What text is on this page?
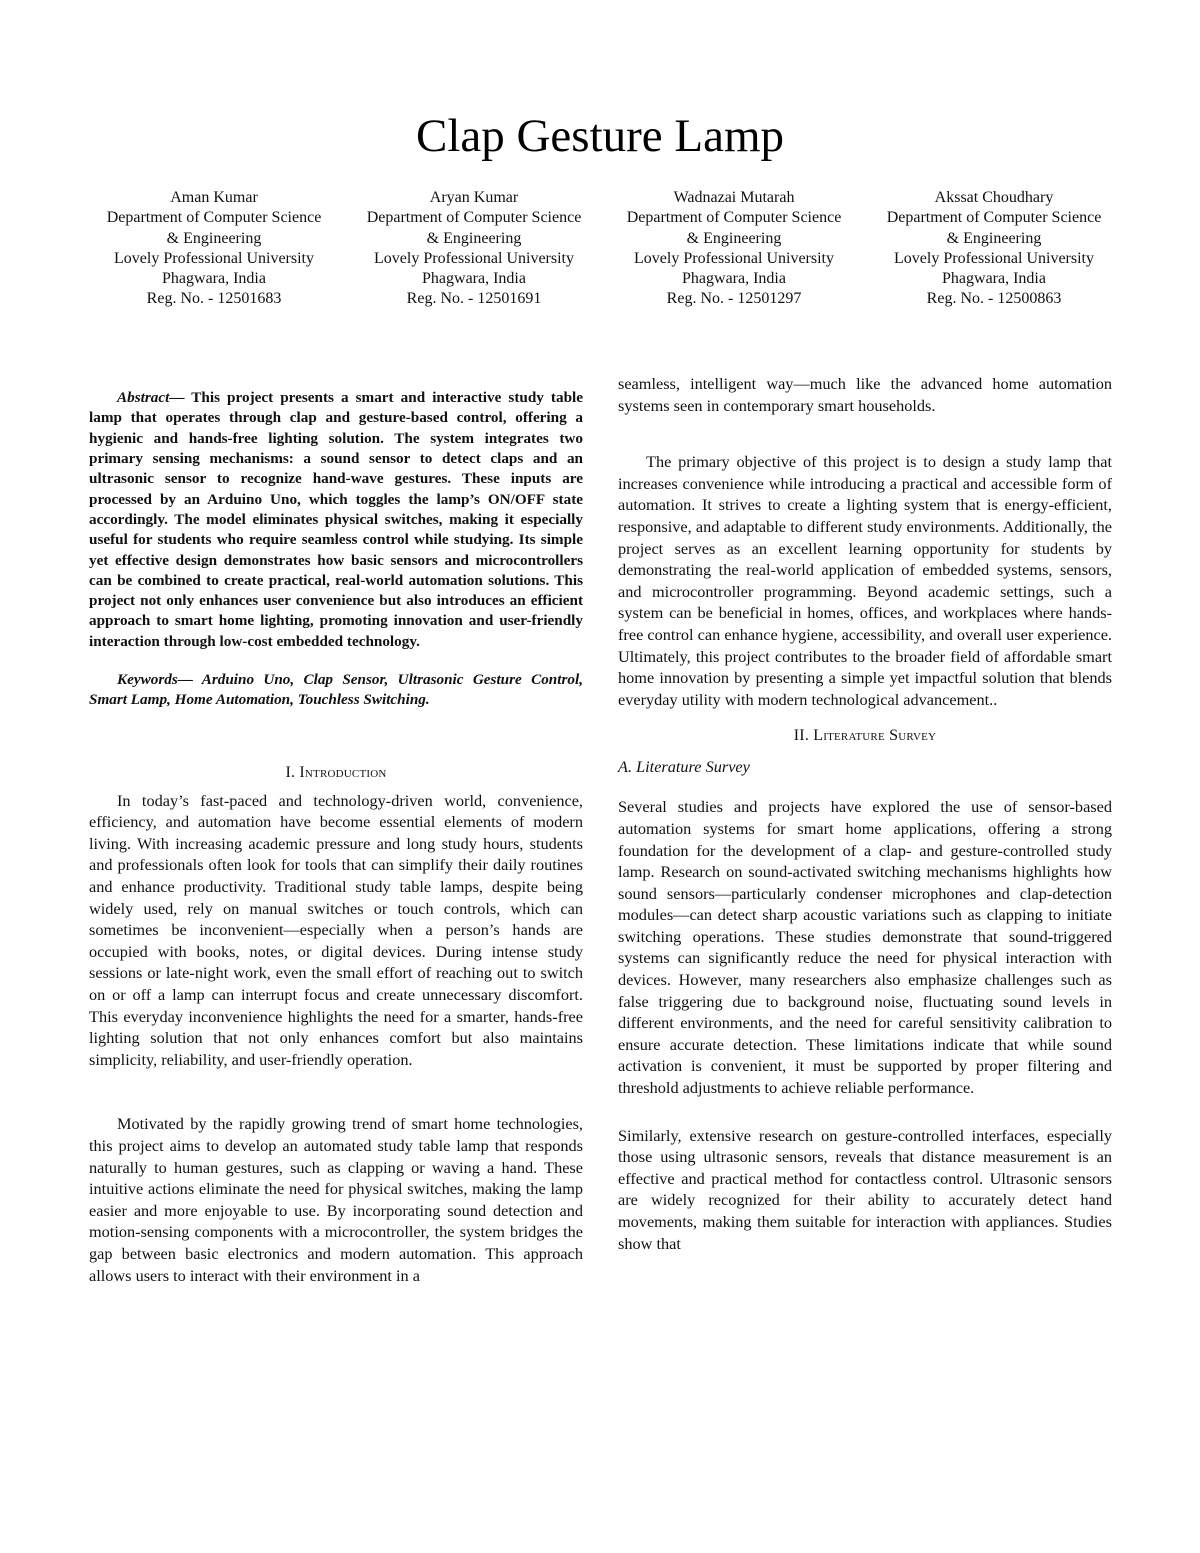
Clap Gesture Lamp
Aman Kumar
Department of Computer Science
& Engineering
Lovely Professional University
Phagwara, India
Reg. No. - 12501683
Aryan Kumar
Department of Computer Science
& Engineering
Lovely Professional University
Phagwara, India
Reg. No. - 12501691
Wadnazai Mutarah
Department of Computer Science
& Engineering
Lovely Professional University
Phagwara, India
Reg. No. - 12501297
Akssat Choudhary
Department of Computer Science
& Engineering
Lovely Professional University
Phagwara, India
Reg. No. - 12500863

Abstract— This project presents a smart and interactive study table lamp that operates through clap and gesture-based control, offering a hygienic and hands-free lighting solution. The system integrates two primary sensing mechanisms: a sound sensor to detect claps and an ultrasonic sensor to recognize hand-wave gestures. These inputs are processed by an Arduino Uno, which toggles the lamp’s ON/OFF state accordingly. The model eliminates physical switches, making it especially useful for students who require seamless control while studying. Its simple yet effective design demonstrates how basic sensors and microcontrollers can be combined to create practical, real-world automation solutions. This project not only enhances user convenience but also introduces an efficient approach to smart home lighting, promoting innovation and user-friendly interaction through low-cost embedded technology.

Keywords— Arduino Uno, Clap Sensor, Ultrasonic Gesture Control, Smart Lamp, Home Automation, Touchless Switching.

I. Introduction

In today’s fast-paced and technology-driven world, convenience, efficiency, and automation have become essential elements of modern living. With increasing academic pressure and long study hours, students and professionals often look for tools that can simplify their daily routines and enhance productivity. Traditional study table lamps, despite being widely used, rely on manual switches or touch controls, which can sometimes be inconvenient—especially when a person’s hands are occupied with books, notes, or digital devices. During intense study sessions or late-night work, even the small effort of reaching out to switch on or off a lamp can interrupt focus and create unnecessary discomfort. This everyday inconvenience highlights the need for a smarter, hands-free lighting solution that not only enhances comfort but also maintains simplicity, reliability, and user-friendly operation.

Motivated by the rapidly growing trend of smart home technologies, this project aims to develop an automated study table lamp that responds naturally to human gestures, such as clapping or waving a hand. These intuitive actions eliminate the need for physical switches, making the lamp easier and more enjoyable to use. By incorporating sound detection and motion-sensing components with a microcontroller, the system bridges the gap between basic electronics and modern automation. This approach allows users to interact with their environment in a

seamless, intelligent way—much like the advanced home automation systems seen in contemporary smart households.

The primary objective of this project is to design a study lamp that increases convenience while introducing a practical and accessible form of automation. It strives to create a lighting system that is energy-efficient, responsive, and adaptable to different study environments. Additionally, the project serves as an excellent learning opportunity for students by demonstrating the real-world application of embedded systems, sensors, and microcontroller programming. Beyond academic settings, such a system can be beneficial in homes, offices, and workplaces where hands-free control can enhance hygiene, accessibility, and overall user experience. Ultimately, this project contributes to the broader field of affordable smart home innovation by presenting a simple yet impactful solution that blends everyday utility with modern technological advancement..

II. Literature Survey
A. Literature Survey

Several studies and projects have explored the use of sensor-based automation systems for smart home applications, offering a strong foundation for the development of a clap- and gesture-controlled study lamp. Research on sound-activated switching mechanisms highlights how sound sensors—particularly condenser microphones and clap-detection modules—can detect sharp acoustic variations such as clapping to initiate switching operations. These studies demonstrate that sound-triggered systems can significantly reduce the need for physical interaction with devices. However, many researchers also emphasize challenges such as false triggering due to background noise, fluctuating sound levels in different environments, and the need for careful sensitivity calibration to ensure accurate detection. These limitations indicate that while sound activation is convenient, it must be supported by proper filtering and threshold adjustments to achieve reliable performance.

Similarly, extensive research on gesture-controlled interfaces, especially those using ultrasonic sensors, reveals that distance measurement is an effective and practical method for contactless control. Ultrasonic sensors are widely recognized for their ability to accurately detect hand movements, making them suitable for interaction with appliances. Studies show that
